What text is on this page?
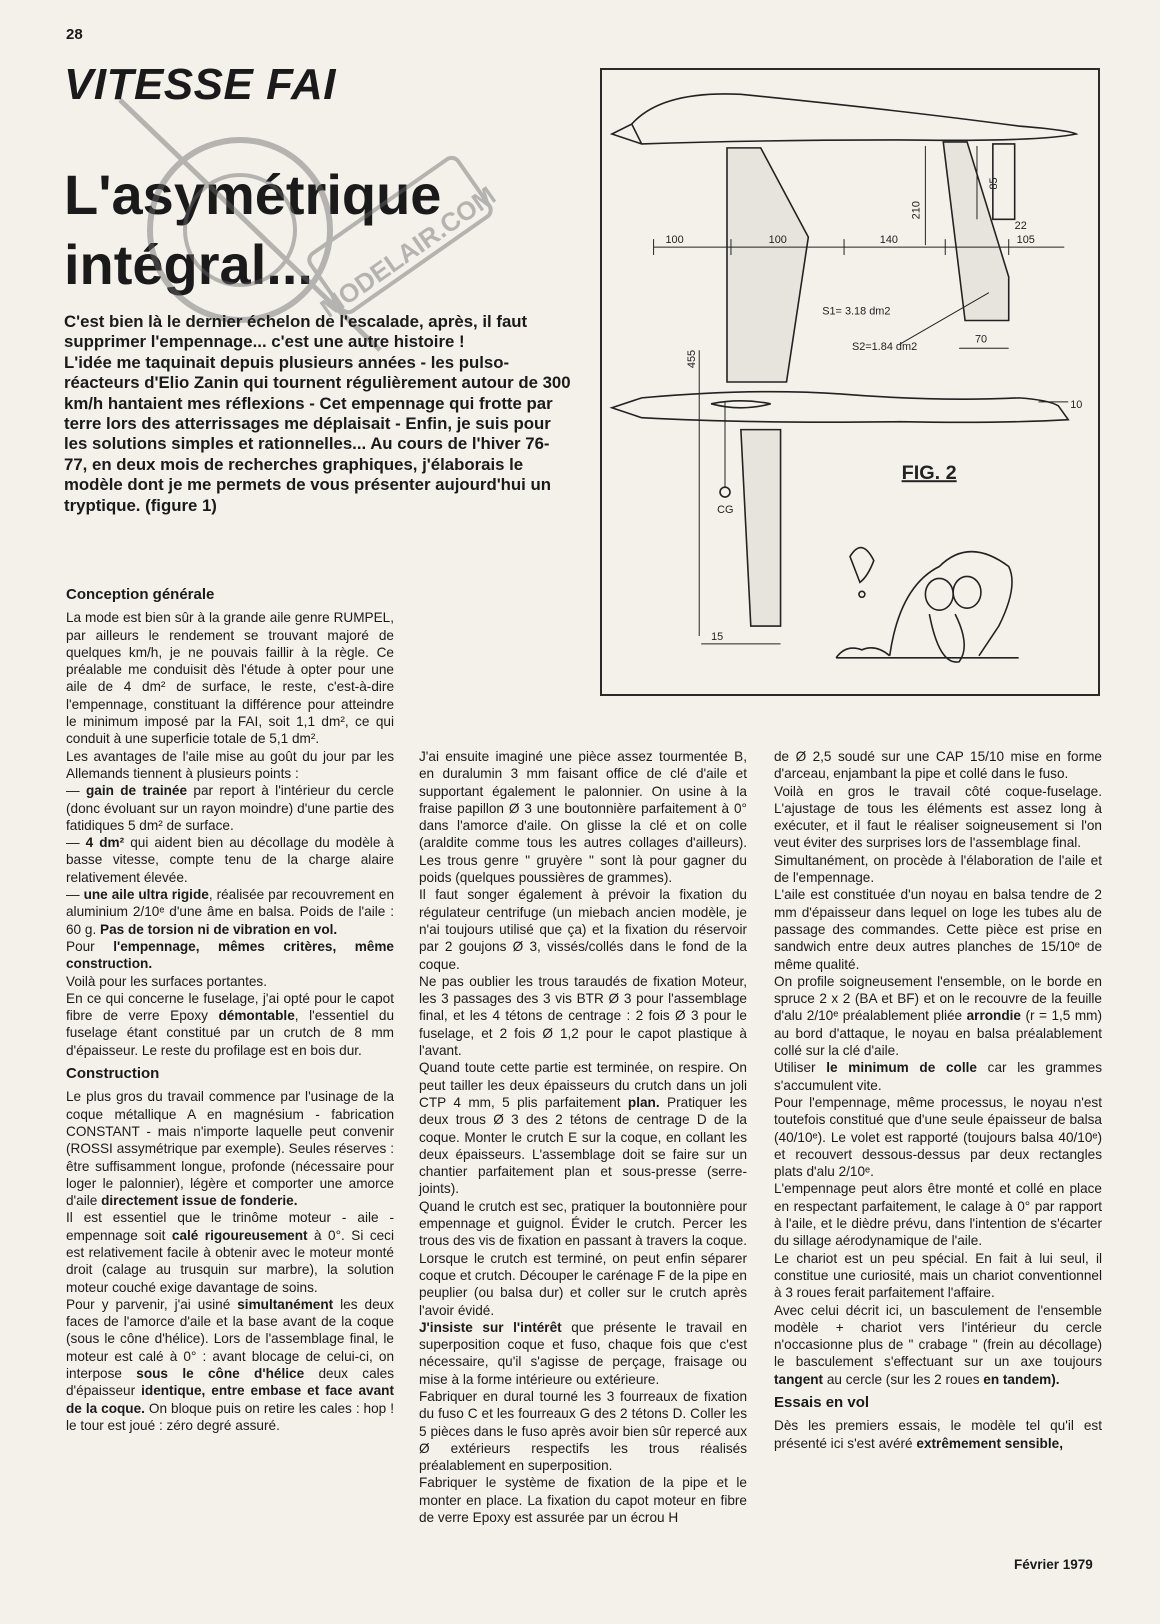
28
VITESSE FAI
L'asymétrique
intégral... MODELAIR.COM

C'est bien là le dernier échelon de l'escalade, après, il faut supprimer l'empennage... c'est une autre histoire !

L'idée me taquinait depuis plusieurs années - les pulso-réacteurs d'Elio Zanin qui tournent régulièrement autour de 300 km/h hantaient mes réflexions - Cet empennage qui frotte par terre lors des atterrissages me déplaisait - Enfin, je suis pour les solutions simples et rationnelles... Au cours de l'hiver 76-77, en deux mois de recherches graphiques, j'élaborais le modèle dont je me permets de vous présenter aujourd'hui un tryptique. (figure 1)

100	100	140	105
210
85
22
70
455
10
15
CG
S1= 3.18 dm2
S2=1.84 dm2
FIG. 2
Conception générale

La mode est bien sûr à la grande aile genre RUMPEL, par ailleurs le rendement se trouvant majoré de quelques km/h, je ne pouvais faillir à la règle. Ce préalable me conduisit dès l'étude à opter pour une aile de 4 dm² de surface, le reste, c'est-à-dire l'empennage, constituant la différence pour atteindre le minimum imposé par la FAI, soit 1,1 dm², ce qui conduit à une superficie totale de 5,1 dm².

Les avantages de l'aile mise au goût du jour par les Allemands tiennent à plusieurs points :

— gain de trainée par report à l'intérieur du cercle (donc évoluant sur un rayon moindre) d'une partie des fatidiques 5 dm² de surface.

— 4 dm² qui aident bien au décollage du modèle à basse vitesse, compte tenu de la charge alaire relativement élevée.

— une aile ultra rigide, réalisée par recouvrement en aluminium 2/10ᵉ d'une âme en balsa. Poids de l'aile : 60 g. Pas de torsion ni de vibration en vol.

Pour l'empennage, mêmes critères, même construction.

Voilà pour les surfaces portantes.

En ce qui concerne le fuselage, j'ai opté pour le capot fibre de verre Epoxy démontable, l'essentiel du fuselage étant constitué par un crutch de 8 mm d'épaisseur. Le reste du profilage est en bois dur.

Construction

Le plus gros du travail commence par l'usinage de la coque métallique A en magnésium - fabrication CONSTANT - mais n'importe laquelle peut convenir (ROSSI assymétrique par exemple). Seules réserves : être suffisamment longue, profonde (nécessaire pour loger le palonnier), légère et comporter une amorce d'aile directement issue de fonderie.

Il est essentiel que le trinôme moteur - aile - empennage soit calé rigoureusement à 0°. Si ceci est relativement facile à obtenir avec le moteur monté droit (calage au trusquin sur marbre), la solution moteur couché exige davantage de soins.

Pour y parvenir, j'ai usiné simultanément les deux faces de l'amorce d'aile et la base avant de la coque (sous le cône d'hélice). Lors de l'assemblage final, le moteur est calé à 0° : avant blocage de celui-ci, on interpose sous le cône d'hélice deux cales d'épaisseur identique, entre embase et face avant de la coque. On bloque puis on retire les cales : hop ! le tour est joué : zéro degré assuré.

J'ai ensuite imaginé une pièce assez tourmentée B, en duralumin 3 mm faisant office de clé d'aile et supportant également le palonnier. On usine à la fraise papillon Ø 3 une boutonnière parfaitement à 0° dans l'amorce d'aile. On glisse la clé et on colle (araldite comme tous les autres collages d'ailleurs). Les trous genre " gruyère " sont là pour gagner du poids (quelques poussières de grammes).

Il faut songer également à prévoir la fixation du régulateur centrifuge (un miebach ancien modèle, je n'ai toujours utilisé que ça) et la fixation du réservoir par 2 goujons Ø 3, vissés/collés dans le fond de la coque.

Ne pas oublier les trous taraudés de fixation Moteur, les 3 passages des 3 vis BTR Ø 3 pour l'assemblage final, et les 4 tétons de centrage : 2 fois Ø 3 pour le fuselage, et 2 fois Ø 1,2 pour le capot plastique à l'avant.

Quand toute cette partie est terminée, on respire. On peut tailler les deux épaisseurs du crutch dans un joli CTP 4 mm, 5 plis parfaitement plan. Pratiquer les deux trous Ø 3 des 2 tétons de centrage D de la coque. Monter le crutch E sur la coque, en collant les deux épaisseurs. L'assemblage doit se faire sur un chantier parfaitement plan et sous-presse (serre-joints).

Quand le crutch est sec, pratiquer la boutonnière pour empennage et guignol. Évider le crutch. Percer les trous des vis de fixation en passant à travers la coque. Lorsque le crutch est terminé, on peut enfin séparer coque et crutch. Découper le carénage F de la pipe en peuplier (ou balsa dur) et coller sur le crutch après l'avoir évidé.

J'insiste sur l'intérêt que présente le travail en superposition coque et fuso, chaque fois que c'est nécessaire, qu'il s'agisse de perçage, fraisage ou mise à la forme intérieure ou extérieure.

Fabriquer en dural tourné les 3 fourreaux de fixation du fuso C et les fourreaux G des 2 tétons D. Coller les 5 pièces dans le fuso après avoir bien sûr repercé aux Ø extérieurs respectifs les trous réalisés préalablement en superposition.

Fabriquer le système de fixation de la pipe et le monter en place. La fixation du capot moteur en fibre de verre Epoxy est assurée par un écrou H

de Ø 2,5 soudé sur une CAP 15/10 mise en forme d'arceau, enjambant la pipe et collé dans le fuso.

Voilà en gros le travail côté coque-fuselage. L'ajustage de tous les éléments est assez long à exécuter, et il faut le réaliser soigneusement si l'on veut éviter des surprises lors de l'assemblage final.

Simultanément, on procède à l'élaboration de l'aile et de l'empennage.

L'aile est constituée d'un noyau en balsa tendre de 2 mm d'épaisseur dans lequel on loge les tubes alu de passage des commandes. Cette pièce est prise en sandwich entre deux autres planches de 15/10ᵉ de même qualité.

On profile soigneusement l'ensemble, on le borde en spruce 2 x 2 (BA et BF) et on le recouvre de la feuille d'alu 2/10ᵉ préalablement pliée arrondie (r = 1,5 mm) au bord d'attaque, le noyau en balsa préalablement collé sur la clé d'aile.

Utiliser le minimum de colle car les grammes s'accumulent vite.

Pour l'empennage, même processus, le noyau n'est toutefois constitué que d'une seule épaisseur de balsa (40/10ᵉ). Le volet est rapporté (toujours balsa 40/10ᵉ) et recouvert dessous-dessus par deux rectangles plats d'alu 2/10ᵉ.

L'empennage peut alors être monté et collé en place en respectant parfaitement, le calage à 0° par rapport à l'aile, et le dièdre prévu, dans l'intention de s'écarter du sillage aérodynamique de l'aile.

Le chariot est un peu spécial. En fait à lui seul, il constitue une curiosité, mais un chariot conventionnel à 3 roues ferait parfaitement l'affaire.

Avec celui décrit ici, un basculement de l'ensemble modèle + chariot vers l'intérieur du cercle n'occasionne plus de " crabage " (frein au décollage) le basculement s'effectuant sur un axe toujours tangent au cercle (sur les 2 roues en tandem).

Essais en vol

Dès les premiers essais, le modèle tel qu'il est présenté ici s'est avéré extrêmement sensible,

Février 1979
